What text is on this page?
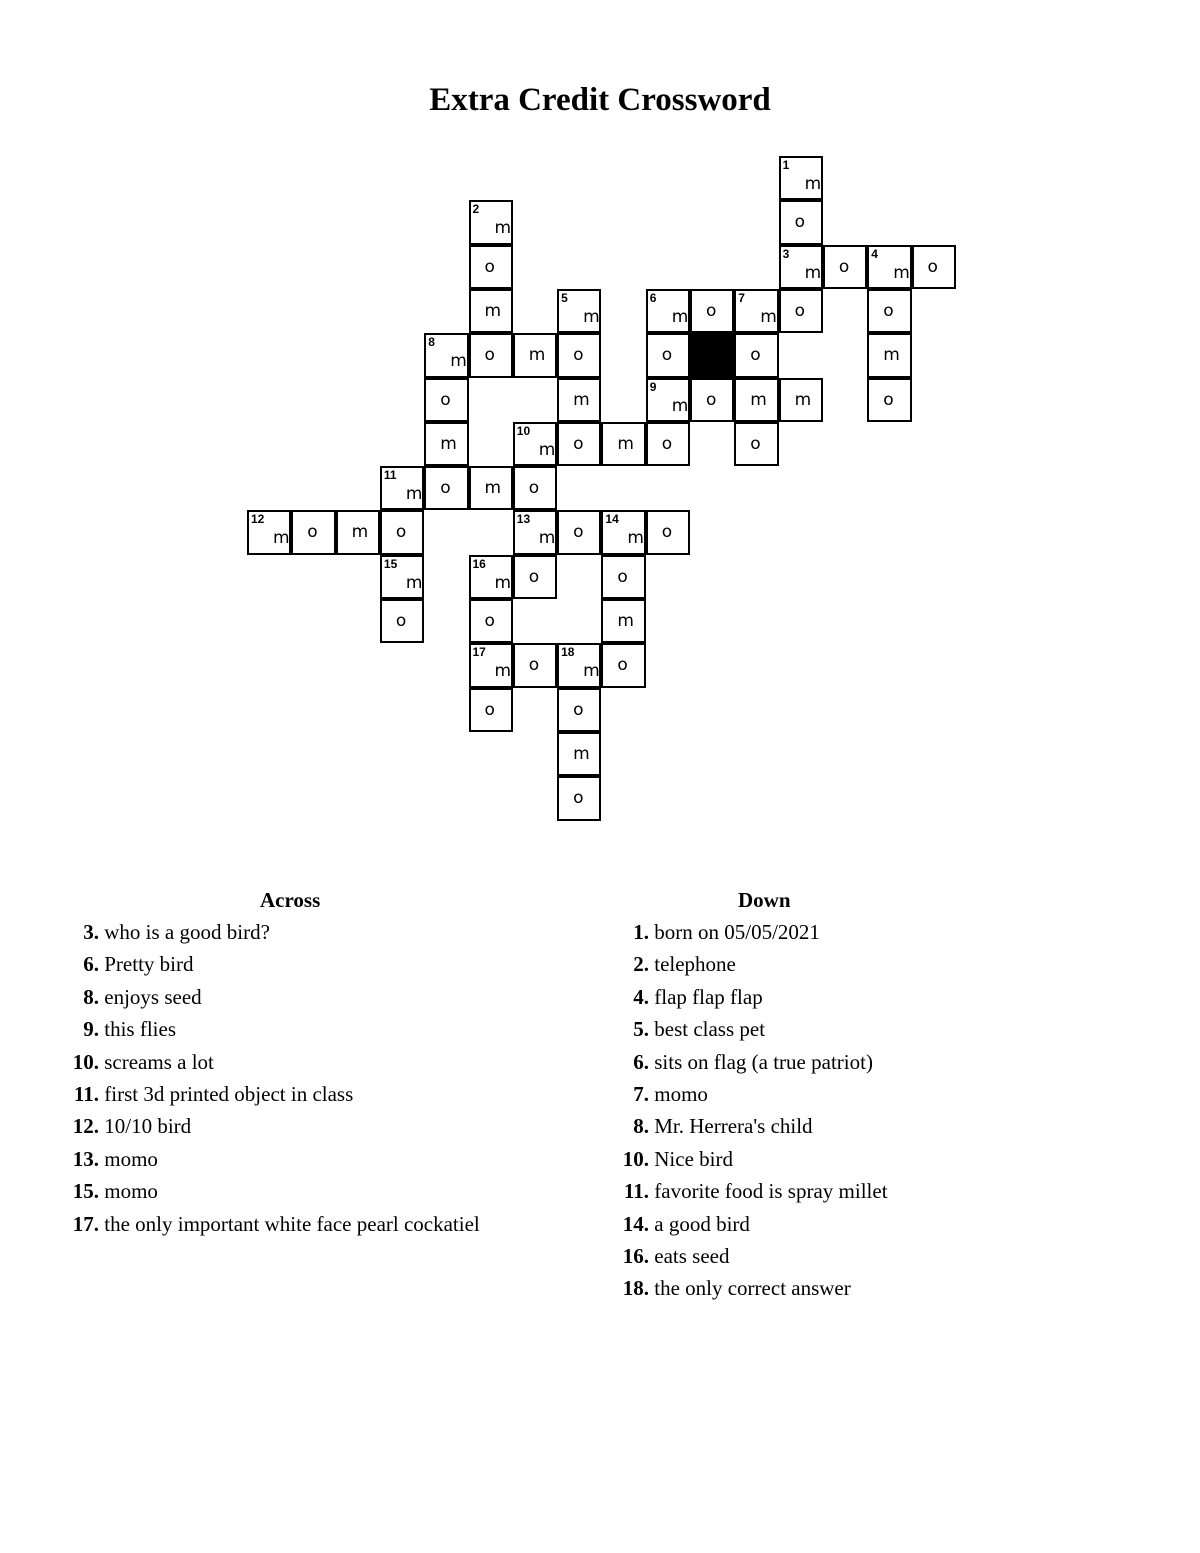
Extra Credit Crossword
1
m
2
m	o
o
3
m o
4
m o
m
5
m
6
m o
7
m o	o
8
m o m o	o	o	m
o	m
9
m o m m	o
m
10
m o m o	o
11
m o m o
12
m o m o
13
m o
14
m o
15
m
16
m o	o
o	o	m
17
m o
18
m o
o	o
m
o
Across
3. who is a good bird?
6. Pretty bird
8. enjoys seed
9. this flies
10. screams a lot
11. first 3d printed object in class
12. 10/10 bird
13. momo
15. momo
17. the only important white face pearl cockatiel
Down
1. born on 05/05/2021
2. telephone
4. flap flap flap
5. best class pet
6. sits on flag (a true patriot)
7. momo
8. Mr. Herrera's child
10. Nice bird
11. favorite food is spray millet
14. a good bird
16. eats seed
18. the only correct answer
